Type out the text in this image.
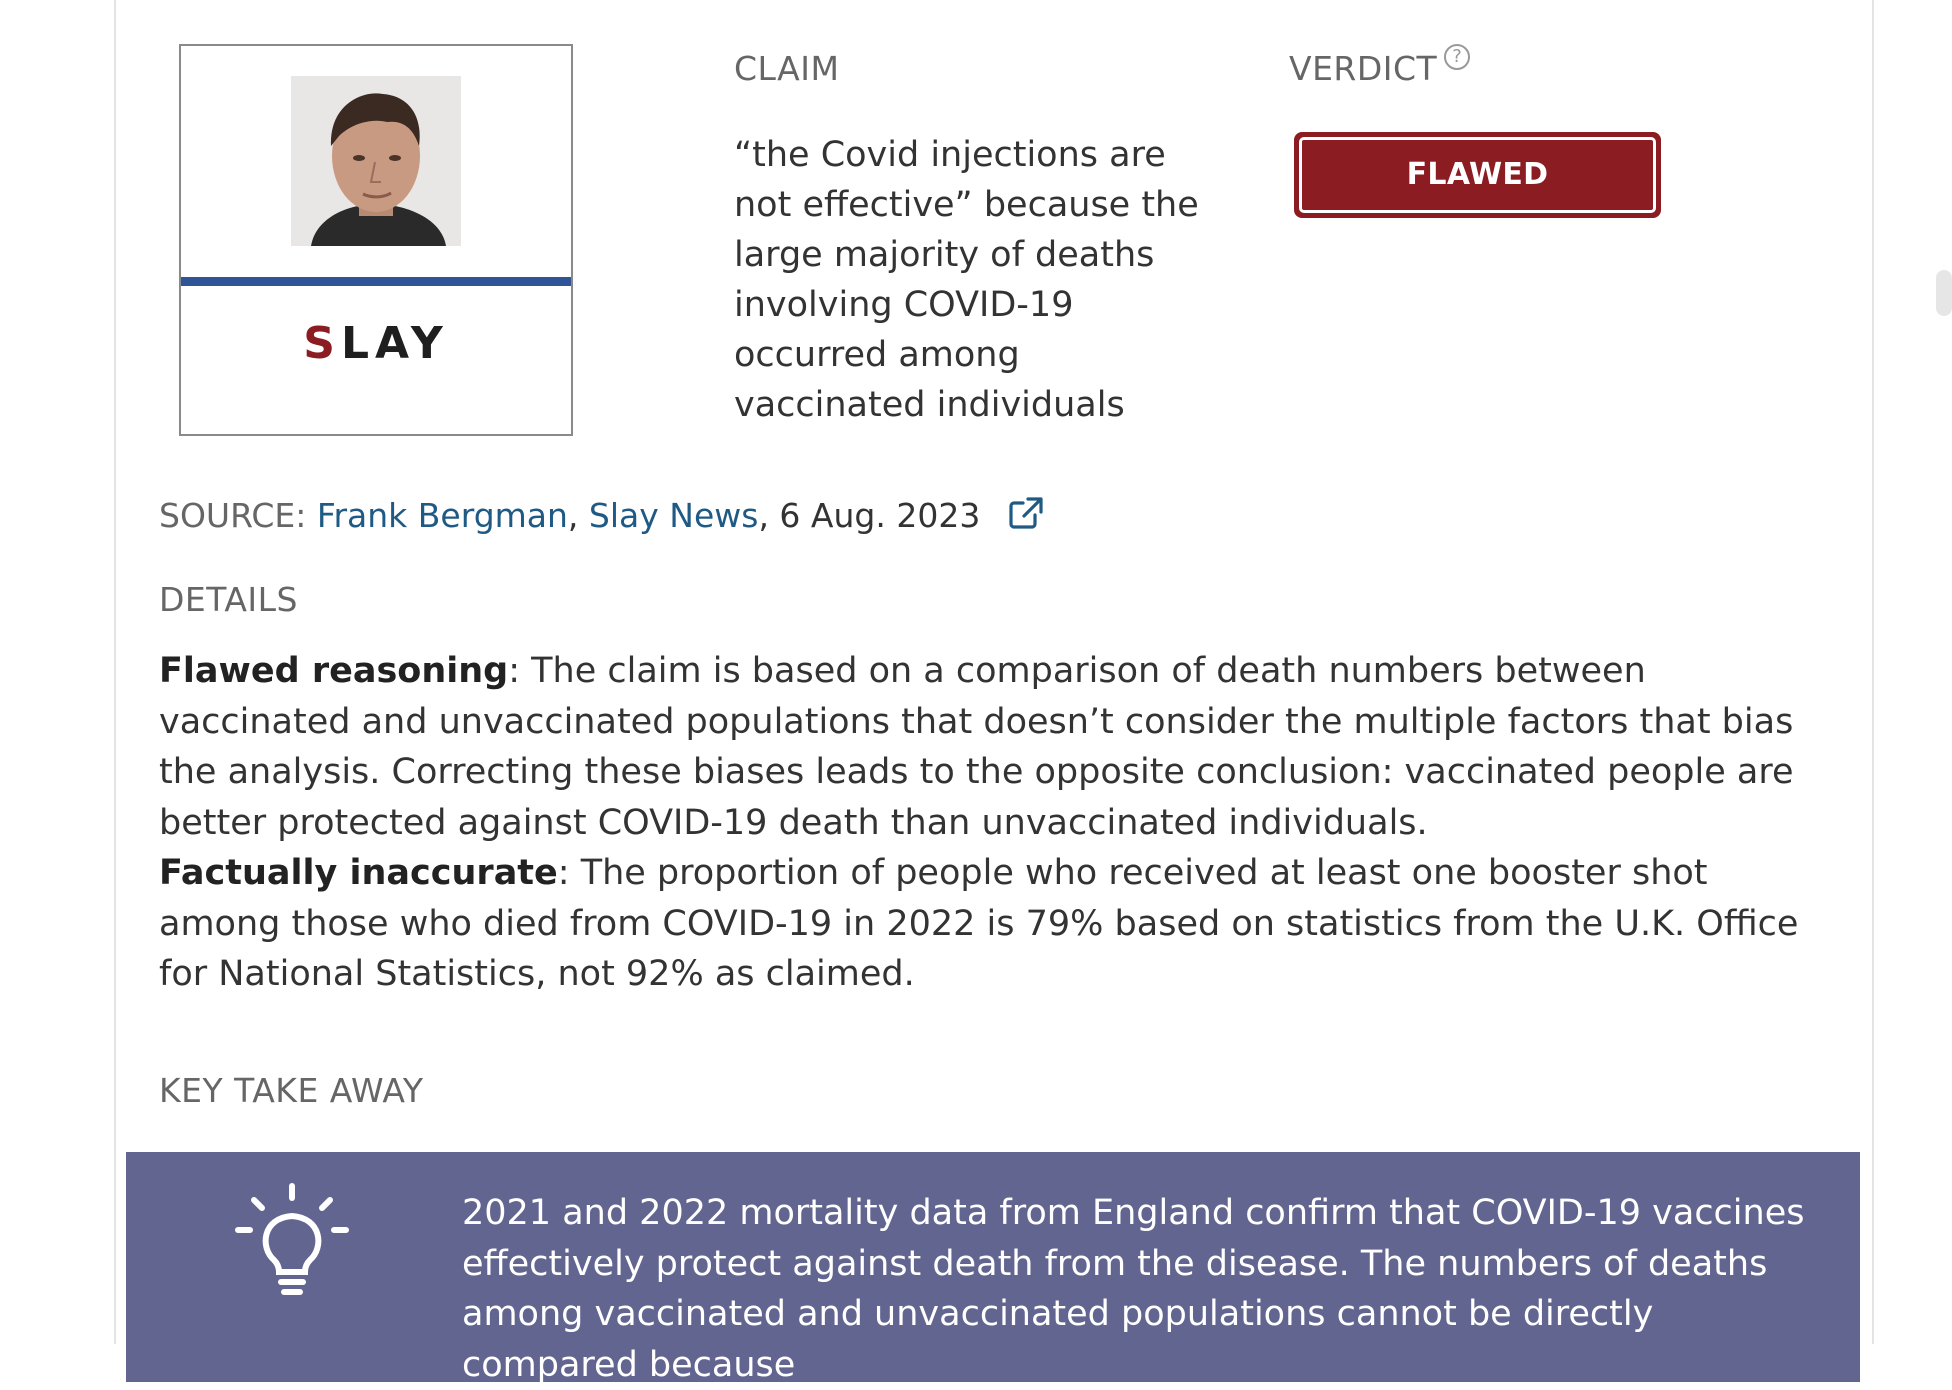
SLAY
CLAIM
“the Covid injections are not effective” because the large majority of deaths involving COVID-19 occurred among vaccinated individuals
VERDICT ?
FLAWED REASONING
SOURCE: Frank Bergman, Slay News, 6 Aug. 2023
DETAILS

Flawed reasoning: The claim is based on a comparison of death numbers between vaccinated and unvaccinated populations that doesn’t consider the multiple factors that bias the analysis. Correcting these biases leads to the opposite conclusion: vaccinated people are better protected against COVID-19 death than unvaccinated individuals.

Factually inaccurate: The proportion of people who received at least one booster shot among those who died from COVID-19 in 2022 is 79% based on statistics from the U.K. Office for National Statistics, not 92% as claimed.

KEY TAKE AWAY
2021 and 2022 mortality data from England confirm that COVID-19 vaccines effectively protect against death from the disease. The numbers of deaths among vaccinated and unvaccinated populations cannot be directly compared because
